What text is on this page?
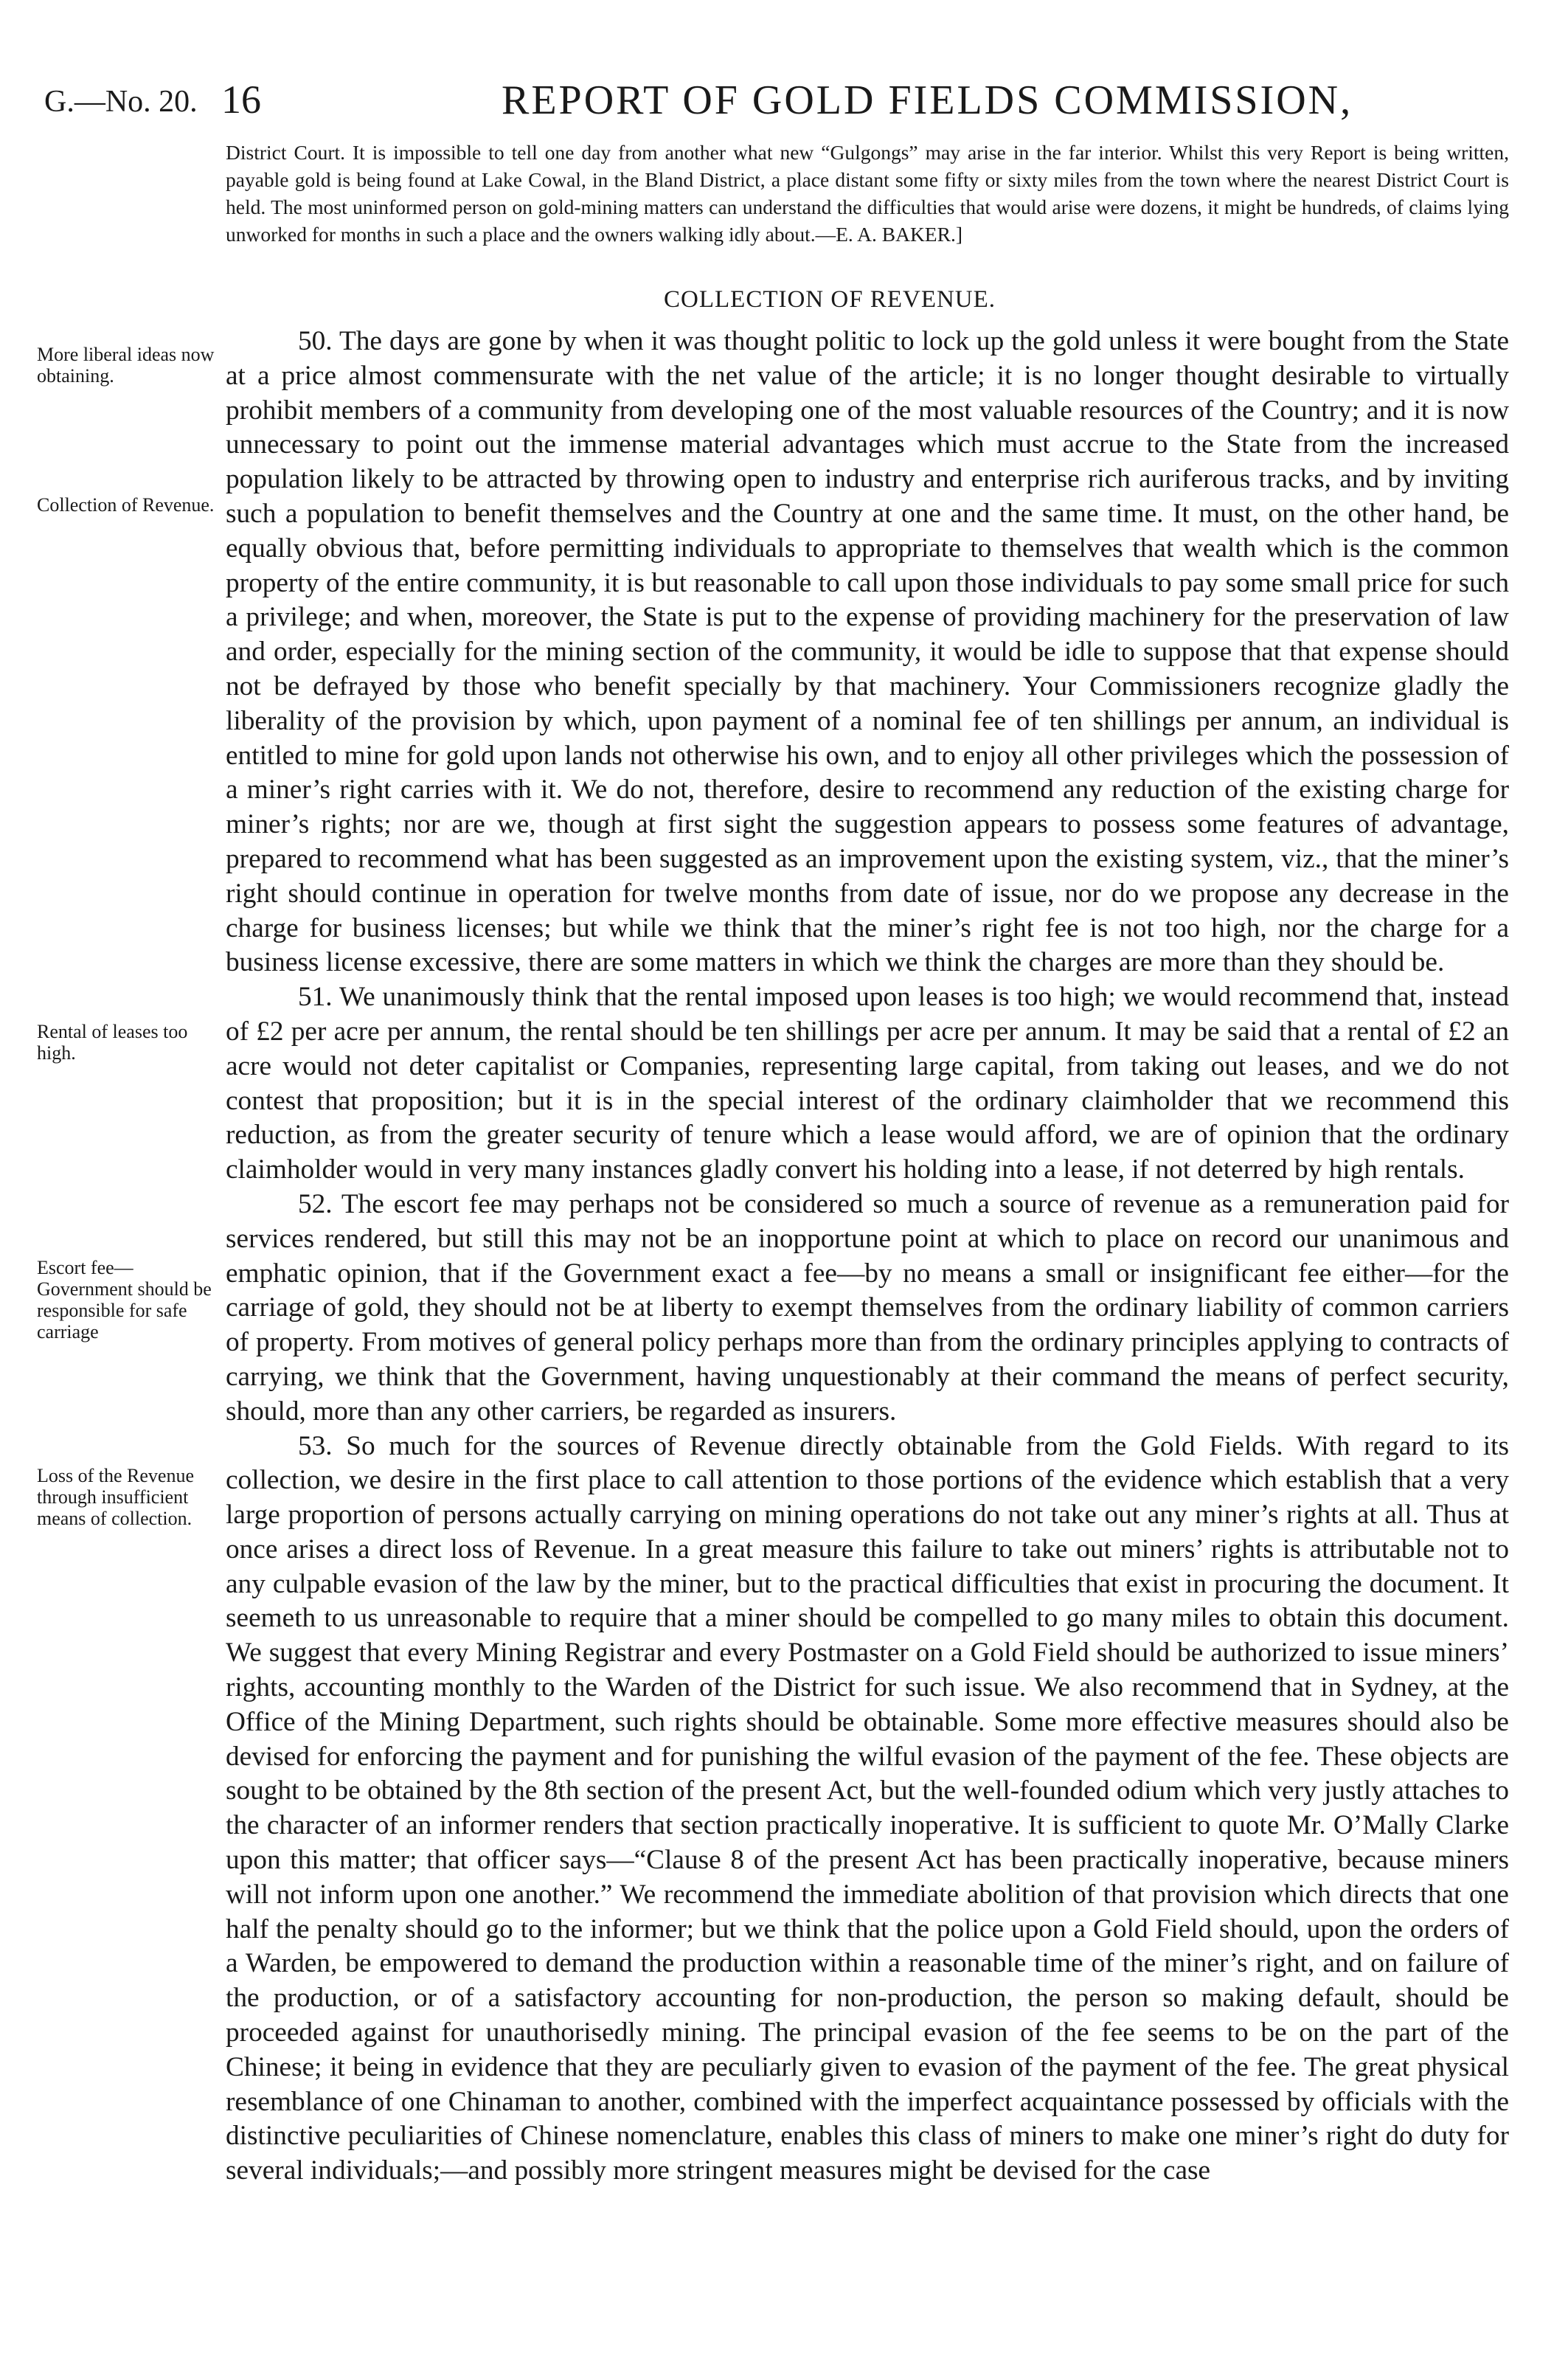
G.—No. 20. 16	REPORT OF GOLD FIELDS COMMISSION,
District Court. It is impossible to tell one day from another what new “Gulgongs” may arise in the far interior. Whilst this very Report is being written, payable gold is being found at Lake Cowal, in the Bland District, a place distant some fifty or sixty miles from the town where the nearest District Court is held. The most uninformed person on gold-mining matters can understand the difficulties that would arise were dozens, it might be hundreds, of claims lying unworked for months in such a place and the owners walking idly about.—E. A. BAKER.]
COLLECTION OF REVENUE.
More liberal ideas now obtaining.
Collection of Revenue.
Rental of leases too high.
Escort fee—Government should be responsible for safe carriage
Loss of the Revenue through insufficient means of collection.

50. The days are gone by when it was thought politic to lock up the gold unless it were bought from the State at a price almost commensurate with the net value of the article; it is no longer thought desirable to virtually prohibit members of a community from developing one of the most valuable resources of the Country; and it is now unnecessary to point out the immense material advantages which must accrue to the State from the increased population likely to be attracted by throwing open to industry and enterprise rich auriferous tracks, and by inviting such a population to benefit themselves and the Country at one and the same time. It must, on the other hand, be equally obvious that, before permitting individuals to appropriate to themselves that wealth which is the common property of the entire community, it is but reasonable to call upon those individuals to pay some small price for such a privilege; and when, moreover, the State is put to the expense of providing machinery for the preservation of law and order, especially for the mining section of the community, it would be idle to suppose that that expense should not be defrayed by those who benefit specially by that machinery. Your Commissioners recognize gladly the liberality of the provision by which, upon payment of a nominal fee of ten shillings per annum, an individual is entitled to mine for gold upon lands not otherwise his own, and to enjoy all other privileges which the possession of a miner’s right carries with it. We do not, therefore, desire to recommend any reduction of the existing charge for miner’s rights; nor are we, though at first sight the suggestion appears to possess some features of advantage, prepared to recommend what has been suggested as an improvement upon the existing system, viz., that the miner’s right should continue in operation for twelve months from date of issue, nor do we propose any decrease in the charge for business licenses; but while we think that the miner’s right fee is not too high, nor the charge for a business license excessive, there are some matters in which we think the charges are more than they should be.

51. We unanimously think that the rental imposed upon leases is too high; we would recommend that, instead of £2 per acre per annum, the rental should be ten shillings per acre per annum. It may be said that a rental of £2 an acre would not deter capitalist or Companies, representing large capital, from taking out leases, and we do not contest that proposition; but it is in the special interest of the ordinary claimholder that we recommend this reduction, as from the greater security of tenure which a lease would afford, we are of opinion that the ordinary claimholder would in very many instances gladly convert his holding into a lease, if not deterred by high rentals.

52. The escort fee may perhaps not be considered so much a source of revenue as a remuneration paid for services rendered, but still this may not be an inopportune point at which to place on record our unanimous and emphatic opinion, that if the Government exact a fee—by no means a small or insignificant fee either—for the carriage of gold, they should not be at liberty to exempt themselves from the ordinary liability of common carriers of property. From motives of general policy perhaps more than from the ordinary principles applying to contracts of carrying, we think that the Government, having unquestionably at their command the means of perfect security, should, more than any other carriers, be regarded as insurers.

53. So much for the sources of Revenue directly obtainable from the Gold Fields. With regard to its collection, we desire in the first place to call attention to those portions of the evidence which establish that a very large proportion of persons actually carrying on mining operations do not take out any miner’s rights at all. Thus at once arises a direct loss of Revenue. In a great measure this failure to take out miners’ rights is attributable not to any culpable evasion of the law by the miner, but to the practical difficulties that exist in procuring the document. It seemeth to us unreasonable to require that a miner should be compelled to go many miles to obtain this document. We suggest that every Mining Registrar and every Postmaster on a Gold Field should be authorized to issue miners’ rights, accounting monthly to the Warden of the District for such issue. We also recommend that in Sydney, at the Office of the Mining Department, such rights should be obtainable. Some more effective measures should also be devised for enforcing the payment and for punishing the wilful evasion of the payment of the fee. These objects are sought to be obtained by the 8th section of the present Act, but the well-founded odium which very justly attaches to the character of an informer renders that section practically inoperative. It is sufficient to quote Mr. O’Mally Clarke upon this matter; that officer says—“Clause 8 of the present Act has been practically inoperative, because miners will not inform upon one another.” We recommend the immediate abolition of that provision which directs that one half the penalty should go to the informer; but we think that the police upon a Gold Field should, upon the orders of a Warden, be empowered to demand the production within a reasonable time of the miner’s right, and on failure of the production, or of a satisfactory accounting for non-production, the person so making default, should be proceeded against for unauthorisedly mining. The principal evasion of the fee seems to be on the part of the Chinese; it being in evidence that they are peculiarly given to evasion of the payment of the fee. The great physical resemblance of one Chinaman to another, combined with the imperfect acquaintance possessed by officials with the distinctive peculiarities of Chinese nomenclature, enables this class of miners to make one miner’s right do duty for several individuals;—and possibly more stringent measures might be devised for the case
